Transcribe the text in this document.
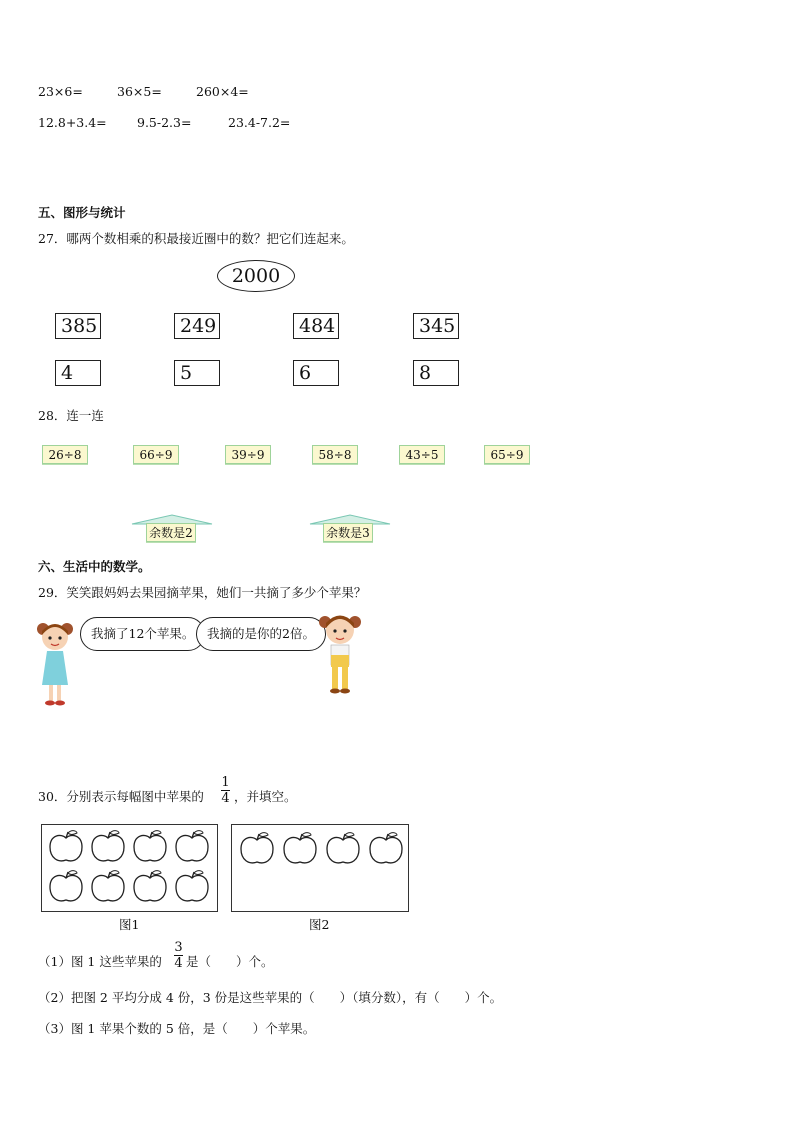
23×6=	36×5=	260×4=
12.8+3.4= 9.5-2.3=	23.4-7.2=
五、图形与统计
27．哪两个数相乘的积最接近圈中的数？把它们连起来。
2000
385	249	484	345
4	5	6	8
28．连一连
26÷8	66÷9	39÷9	58÷8	43÷5	65÷9
余数是2	余数是3
六、生活中的数学。
29．笑笑跟妈妈去果园摘苹果，她们一共摘了多少个苹果？
我摘了12个苹果。	我摘的是你的2倍。
30．分别表示每幅图中苹果的
1
4 ，并填空。
图1	图2
（1）图 1 这些苹果的
3
4 是（　　）个。
（2）把图 2 平均分成 4 份，3 份是这些苹果的（　　）（填分数），有（　　）个。
（3）图 1 苹果个数的 5 倍，是（　　）个苹果。
